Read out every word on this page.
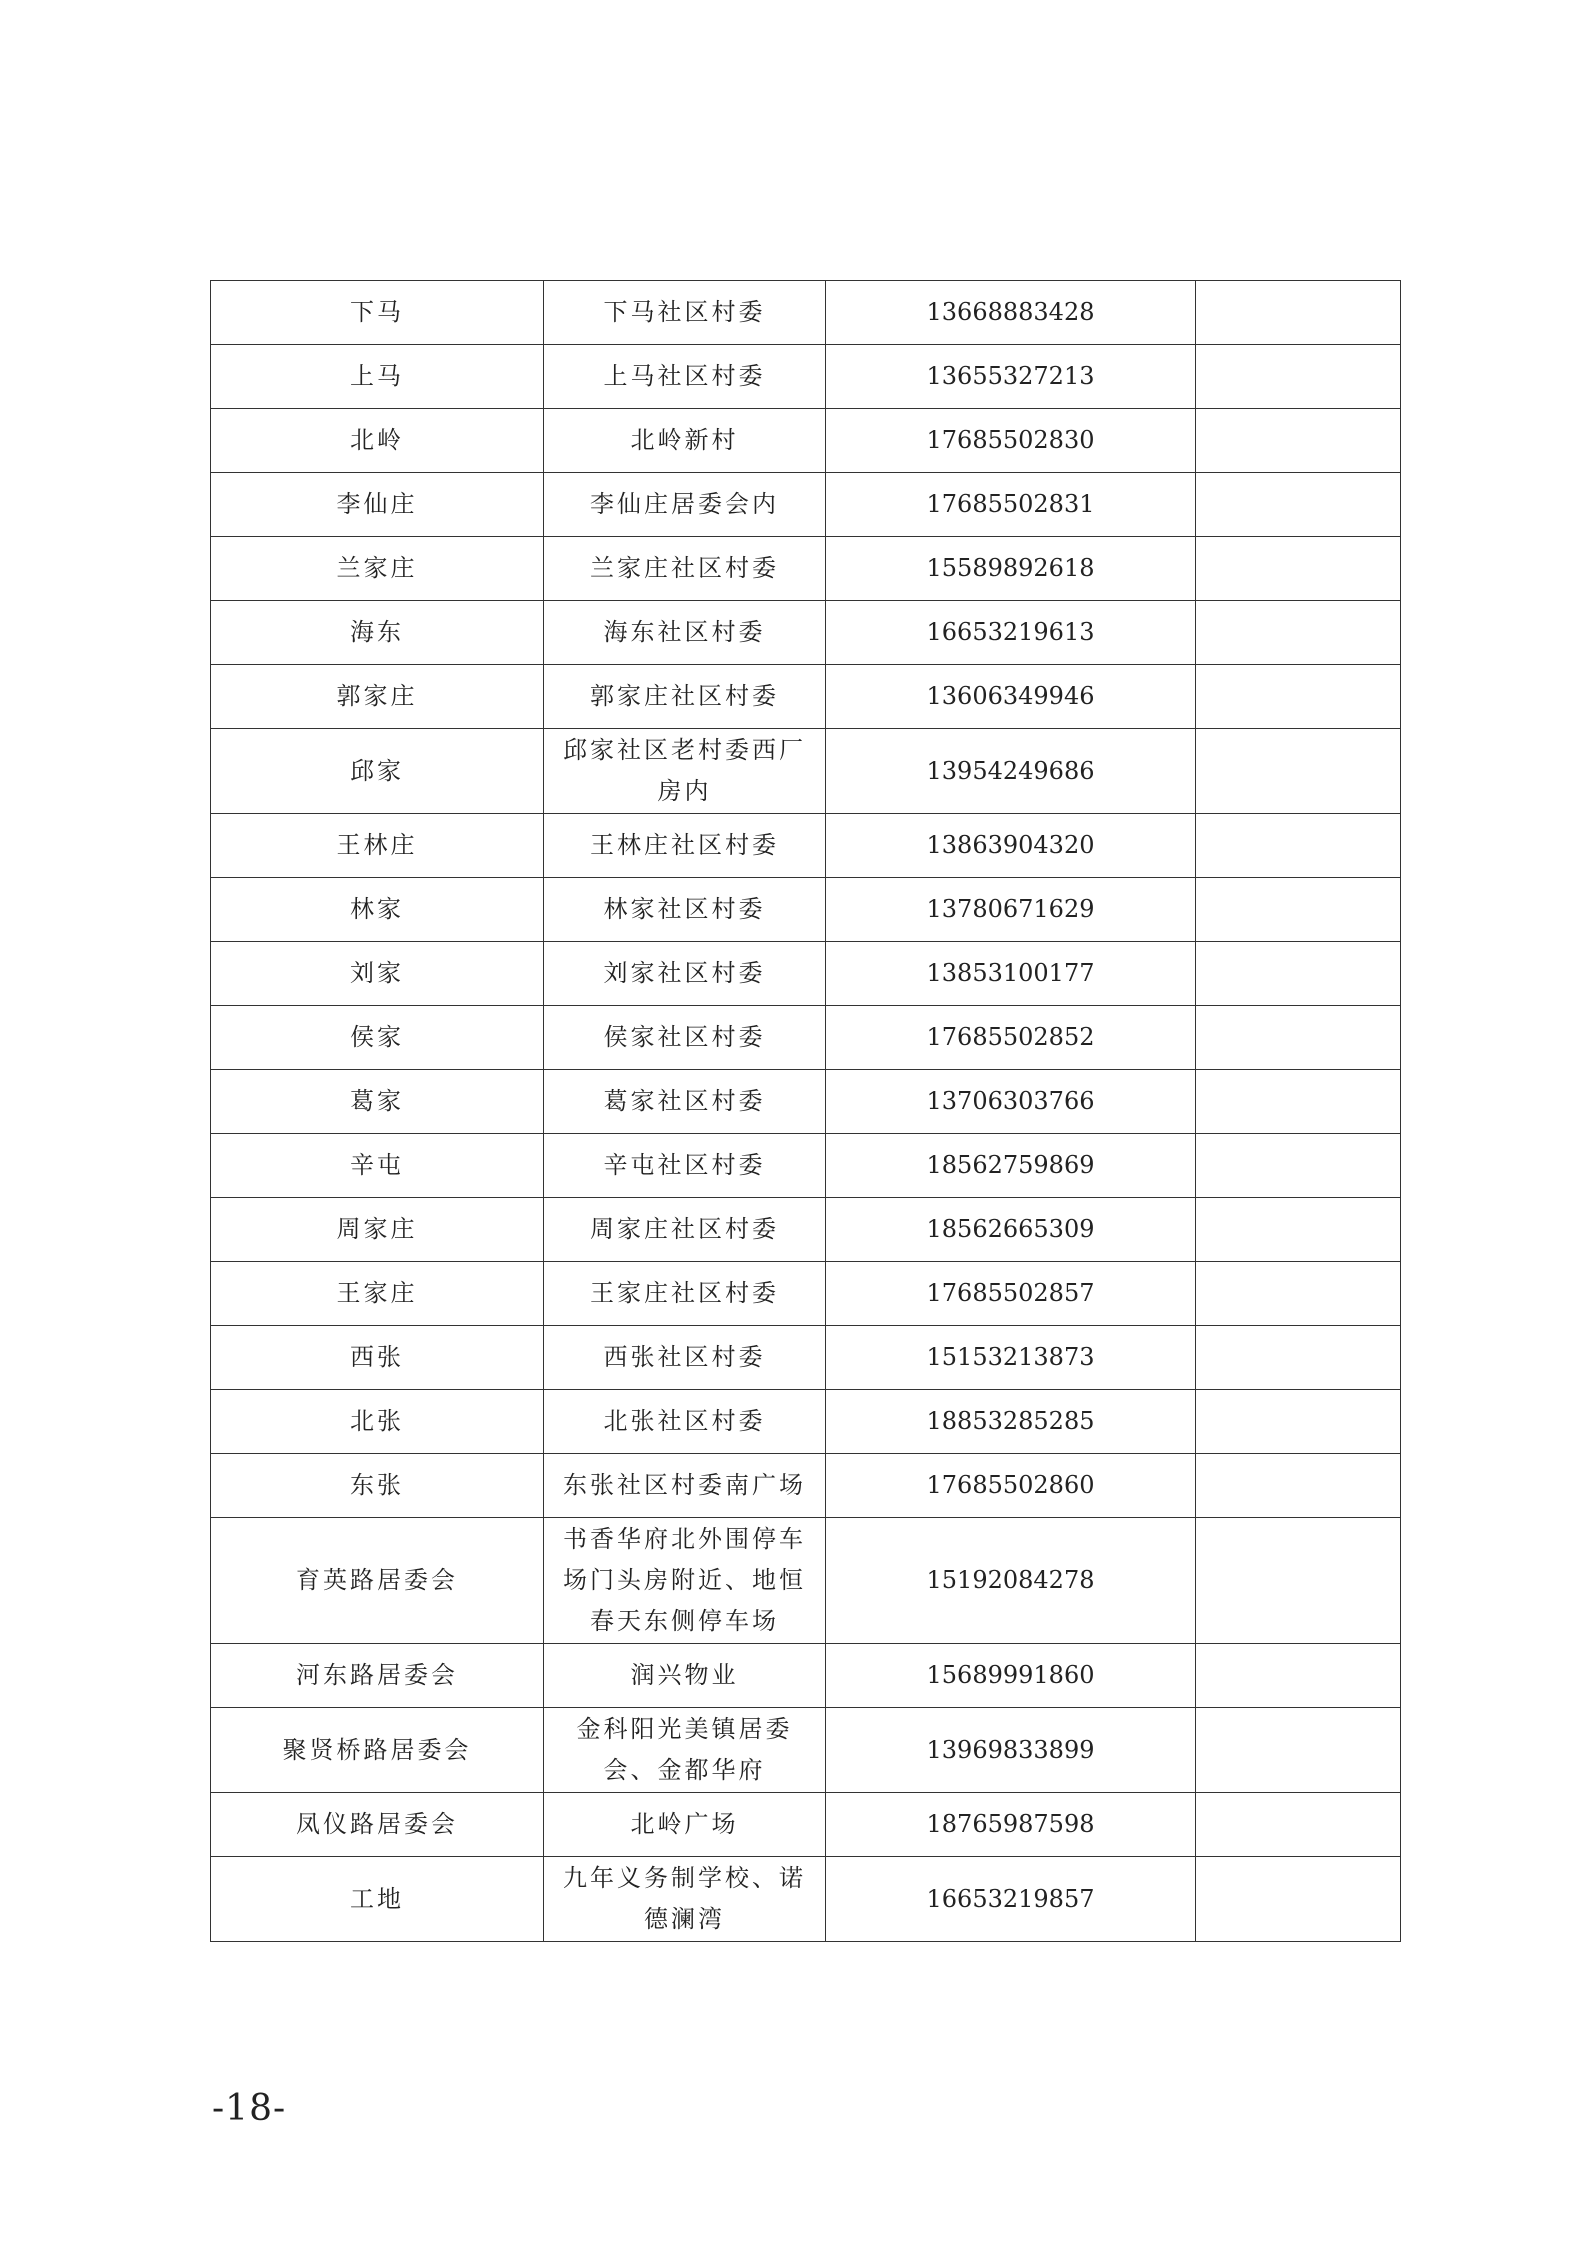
下马	下马社区村委	13668883428	
上马	上马社区村委	13655327213	
北岭	北岭新村	17685502830	
李仙庄	李仙庄居委会内	17685502831	
兰家庄	兰家庄社区村委	15589892618	
海东	海东社区村委	16653219613	
郭家庄	郭家庄社区村委	13606349946	
邱家	邱家社区老村委西厂房内	13954249686	
王林庄	王林庄社区村委	13863904320	
林家	林家社区村委	13780671629	
刘家	刘家社区村委	13853100177	
侯家	侯家社区村委	17685502852	
葛家	葛家社区村委	13706303766	
辛屯	辛屯社区村委	18562759869	
周家庄	周家庄社区村委	18562665309	
王家庄	王家庄社区村委	17685502857	
西张	西张社区村委	15153213873	
北张	北张社区村委	18853285285	
东张	东张社区村委南广场	17685502860	
育英路居委会	书香华府北外围停车场门头房附近、地恒春天东侧停车场	15192084278	
河东路居委会	润兴物业	15689991860	
聚贤桥路居委会	金科阳光美镇居委会、金都华府	13969833899	
凤仪路居委会	北岭广场	18765987598	
工地	九年义务制学校、诺德澜湾	16653219857	
-18-
